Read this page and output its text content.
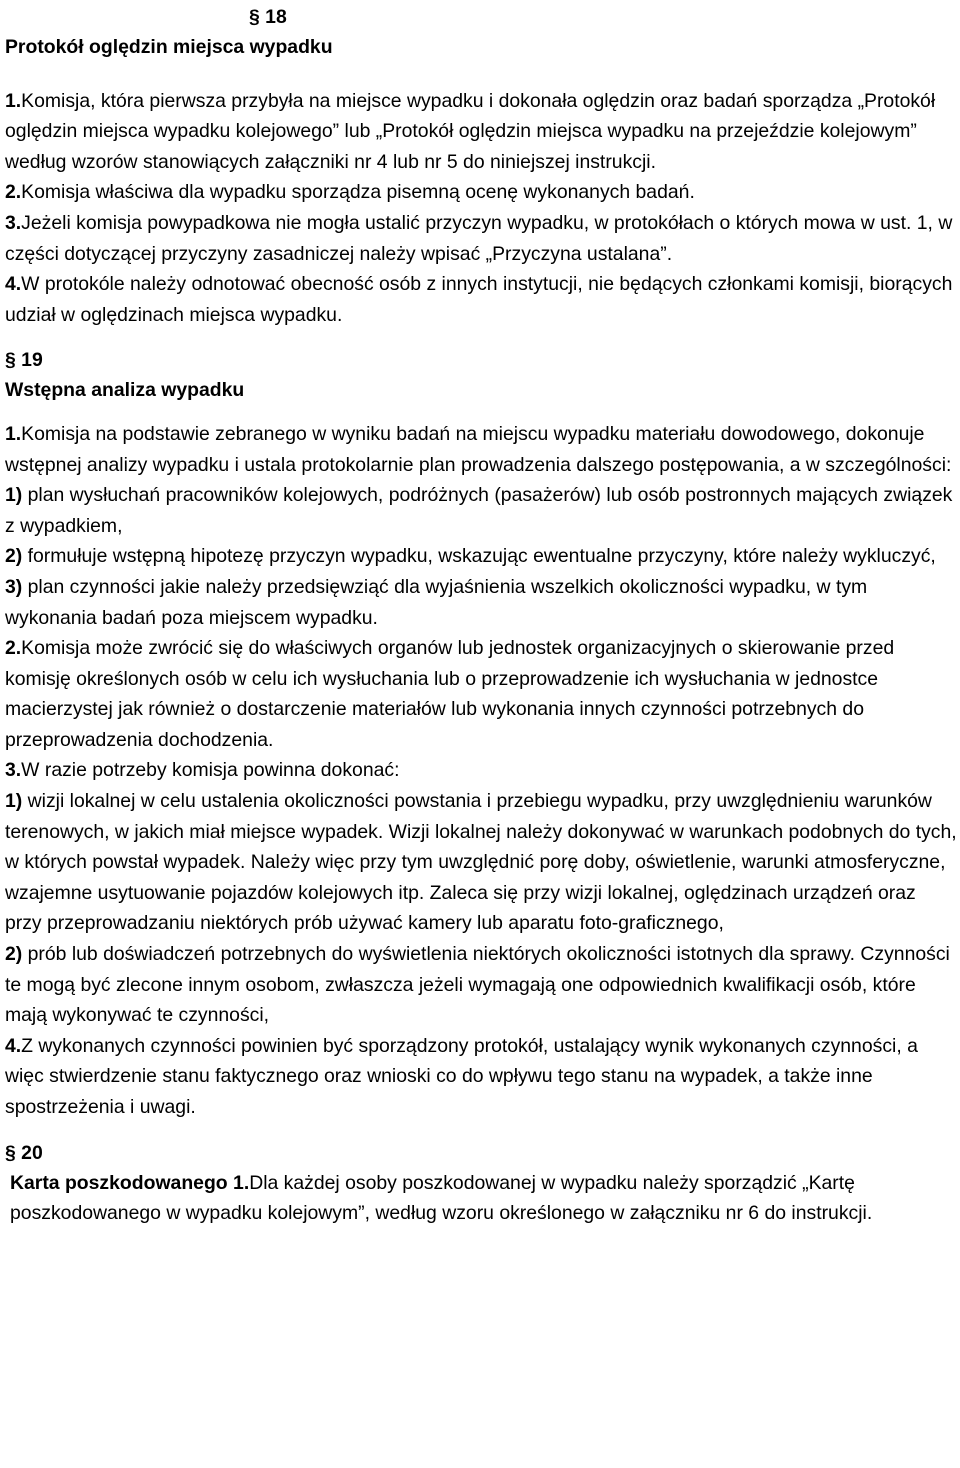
§ 18
Protokół oględzin miejsca wypadku

1.Komisja, która pierwsza przybyła na miejsce wypadku i dokonała oględzin oraz badań sporządza „Protokół oględzin miejsca wypadku kolejowego” lub „Protokół oględzin miejsca wypadku na przejeździe kolejowym” według wzorów stanowiących załączniki nr 4 lub nr 5 do niniejszej instrukcji.

2.Komisja właściwa dla wypadku sporządza pisemną ocenę wykonanych badań.

3.Jeżeli komisja powypadkowa nie mogła ustalić przyczyn wypadku, w protokółach o których mowa w ust. 1, w części dotyczącej przyczyny zasadniczej należy wpisać „Przyczyna ustalana”.

4.W protokóle należy odnotować obecność osób z innych instytucji, nie będących członkami komisji, biorących udział w oględzinach miejsca wypadku.

§ 19
Wstępna analiza wypadku

1.Komisja na podstawie zebranego w wyniku badań na miejscu wypadku materiału dowodowego, dokonuje wstępnej analizy wypadku i ustala protokolarnie plan prowadzenia dalszego postępowania, a w szczególności:

1) plan wysłuchań pracowników kolejowych, podróżnych (pasażerów) lub osób postronnych mających związek z wypadkiem,

2) formułuje wstępną hipotezę przyczyn wypadku, wskazując ewentualne przyczyny, które należy wykluczyć,

3) plan czynności jakie należy przedsięwziąć dla wyjaśnienia wszelkich okoliczności wypadku, w tym wykonania badań poza miejscem wypadku.

2.Komisja może zwrócić się do właściwych organów lub jednostek organizacyjnych o skierowanie przed komisję określonych osób w celu ich wysłuchania lub o przeprowadzenie ich wysłuchania w jednostce macierzystej jak również o dostarczenie materiałów lub wykonania innych czynności potrzebnych do przeprowadzenia dochodzenia.

3.W razie potrzeby komisja powinna dokonać:

1) wizji lokalnej w celu ustalenia okoliczności powstania i przebiegu wypadku, przy uwzględnieniu warunków terenowych, w jakich miał miejsce wypadek. Wizji lokalnej należy dokonywać w warunkach podobnych do tych, w których powstał wypadek. Należy więc przy tym uwzględnić porę doby, oświetlenie, warunki atmosferyczne, wzajemne usytuowanie pojazdów kolejowych itp. Zaleca się przy wizji lokalnej, oględzinach urządzeń oraz przy przeprowadzaniu niektórych prób używać kamery lub aparatu foto-graficznego,

2) prób lub doświadczeń potrzebnych do wyświetlenia niektórych okoliczności istotnych dla sprawy. Czynności te mogą być zlecone innym osobom, zwłaszcza jeżeli wymagają one odpowiednich kwalifikacji osób, które mają wykonywać te czynności,

4.Z wykonanych czynności powinien być sporządzony protokół, ustalający wynik wykonanych czynności, a więc stwierdzenie stanu faktycznego oraz wnioski co do wpływu tego stanu na wypadek, a także inne spostrzeżenia i uwagi.

§ 20

Karta poszkodowanego 1.Dla każdej osoby poszkodowanej w wypadku należy sporządzić „Kartę poszkodowanego w wypadku kolejowym”, według wzoru określonego w załączniku nr 6 do instrukcji.
